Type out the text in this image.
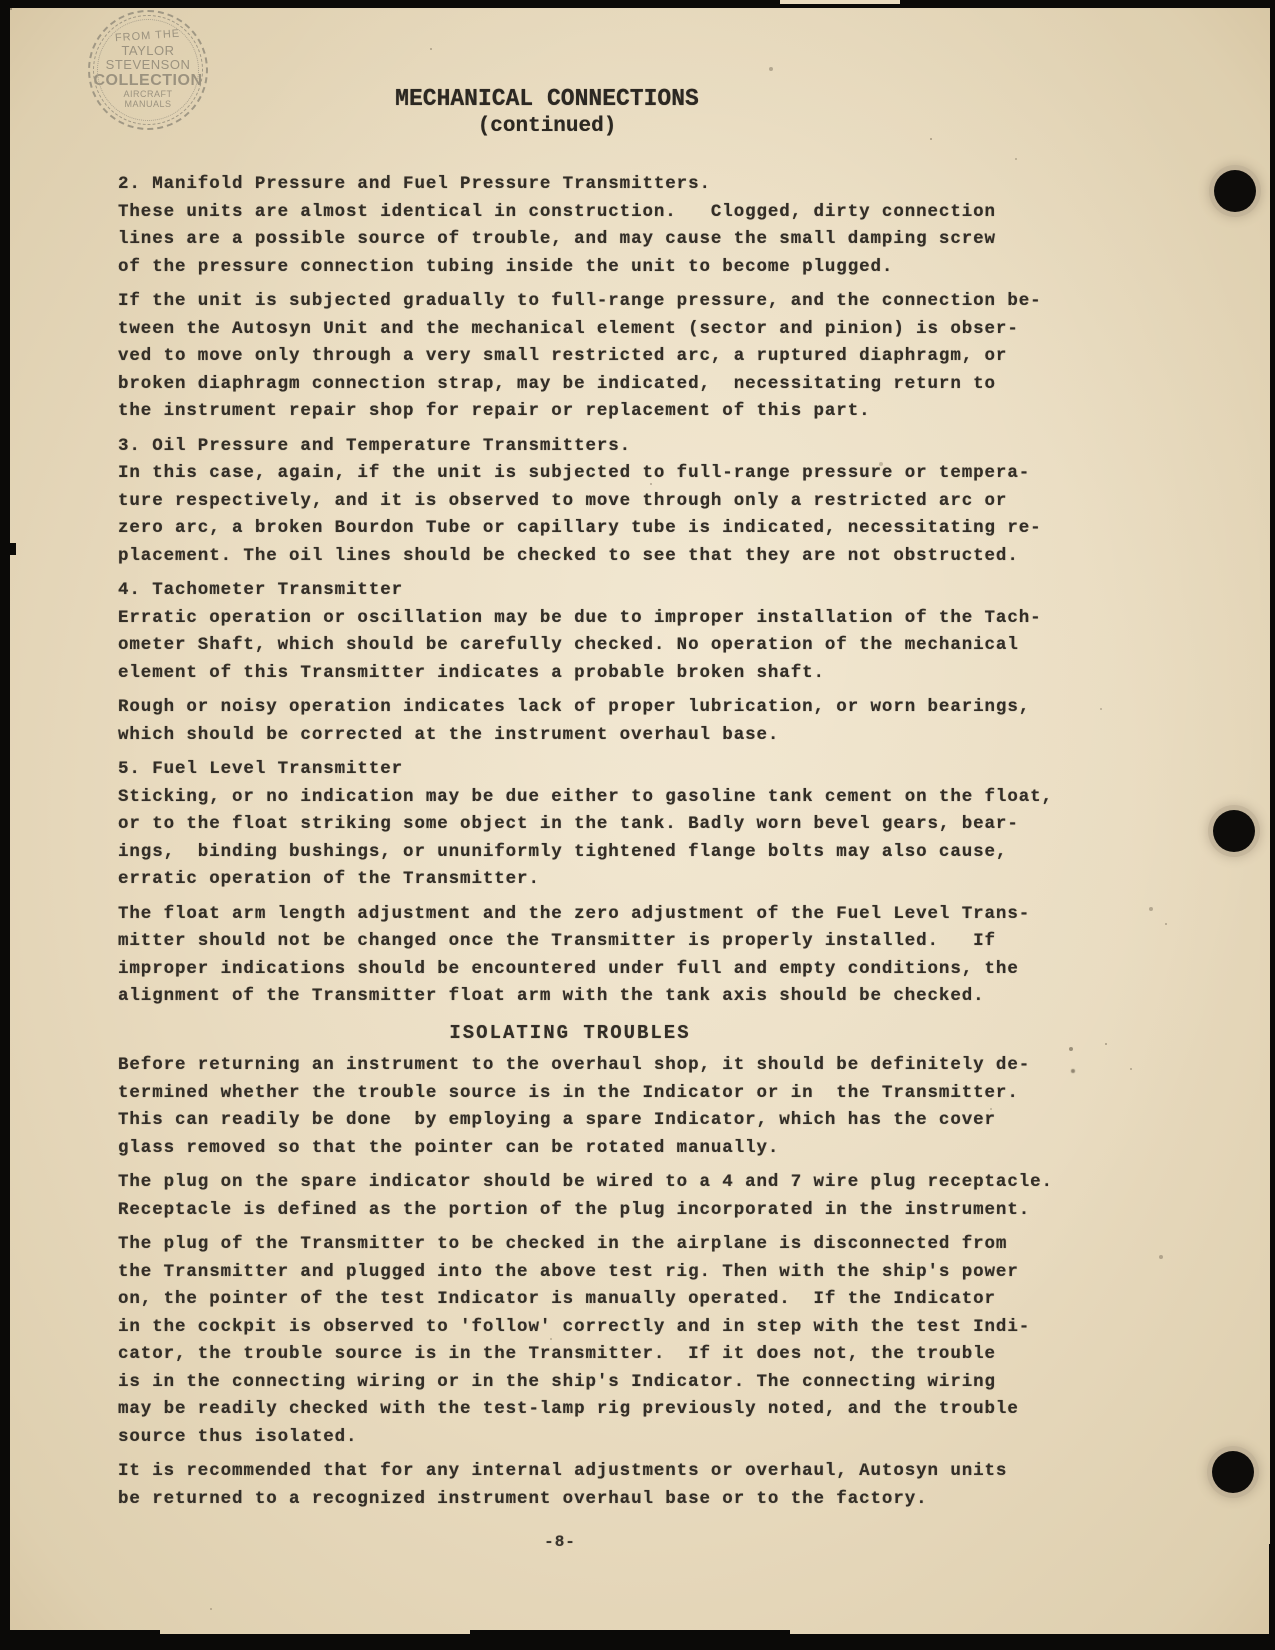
FROM THE
TAYLOR
STEVENSON
COLLECTION
AIRCRAFT
MANUALS	MECHANICAL CONNECTIONS
(continued)
2. Manifold Pressure and Fuel Pressure Transmitters.
These units are almost identical in construction.   Clogged, dirty connection
lines are a possible source of trouble, and may cause the small damping screw
of the pressure connection tubing inside the unit to become plugged.
If the unit is subjected gradually to full-range pressure, and the connection be-
tween the Autosyn Unit and the mechanical element (sector and pinion) is obser-
ved to move only through a very small restricted arc, a ruptured diaphragm, or
broken diaphragm connection strap, may be indicated,  necessitating return to
the instrument repair shop for repair or replacement of this part.
3. Oil Pressure and Temperature Transmitters.
In this case, again, if the unit is subjected to full-range pressure or tempera-
ture respectively, and it is observed to move through only a restricted arc or
zero arc, a broken Bourdon Tube or capillary tube is indicated, necessitating re-
placement. The oil lines should be checked to see that they are not obstructed.
4. Tachometer Transmitter
Erratic operation or oscillation may be due to improper installation of the Tach-
ometer Shaft, which should be carefully checked. No operation of the mechanical
element of this Transmitter indicates a probable broken shaft.
Rough or noisy operation indicates lack of proper lubrication, or worn bearings,
which should be corrected at the instrument overhaul base.
5. Fuel Level Transmitter
Sticking, or no indication may be due either to gasoline tank cement on the float,
or to the float striking some object in the tank. Badly worn bevel gears, bear-
ings,  binding bushings, or ununiformly tightened flange bolts may also cause,
erratic operation of the Transmitter.
The float arm length adjustment and the zero adjustment of the Fuel Level Trans-
mitter should not be changed once the Transmitter is properly installed.   If
improper indications should be encountered under full and empty conditions, the
alignment of the Transmitter float arm with the tank axis should be checked.
ISOLATING TROUBLES
Before returning an instrument to the overhaul shop, it should be definitely de-
termined whether the trouble source is in the Indicator or in  the Transmitter.
This can readily be done  by employing a spare Indicator, which has the cover
glass removed so that the pointer can be rotated manually.
The plug on the spare indicator should be wired to a 4 and 7 wire plug receptacle.
Receptacle is defined as the portion of the plug incorporated in the instrument.
The plug of the Transmitter to be checked in the airplane is disconnected from
the Transmitter and plugged into the above test rig. Then with the ship's power
on, the pointer of the test Indicator is manually operated.  If the Indicator
in the cockpit is observed to 'follow' correctly and in step with the test Indi-
cator, the trouble source is in the Transmitter.  If it does not, the trouble
is in the connecting wiring or in the ship's Indicator. The connecting wiring
may be readily checked with the test-lamp rig previously noted, and the trouble
source thus isolated.
It is recommended that for any internal adjustments or overhaul, Autosyn units
be returned to a recognized instrument overhaul base or to the factory.
-8-
